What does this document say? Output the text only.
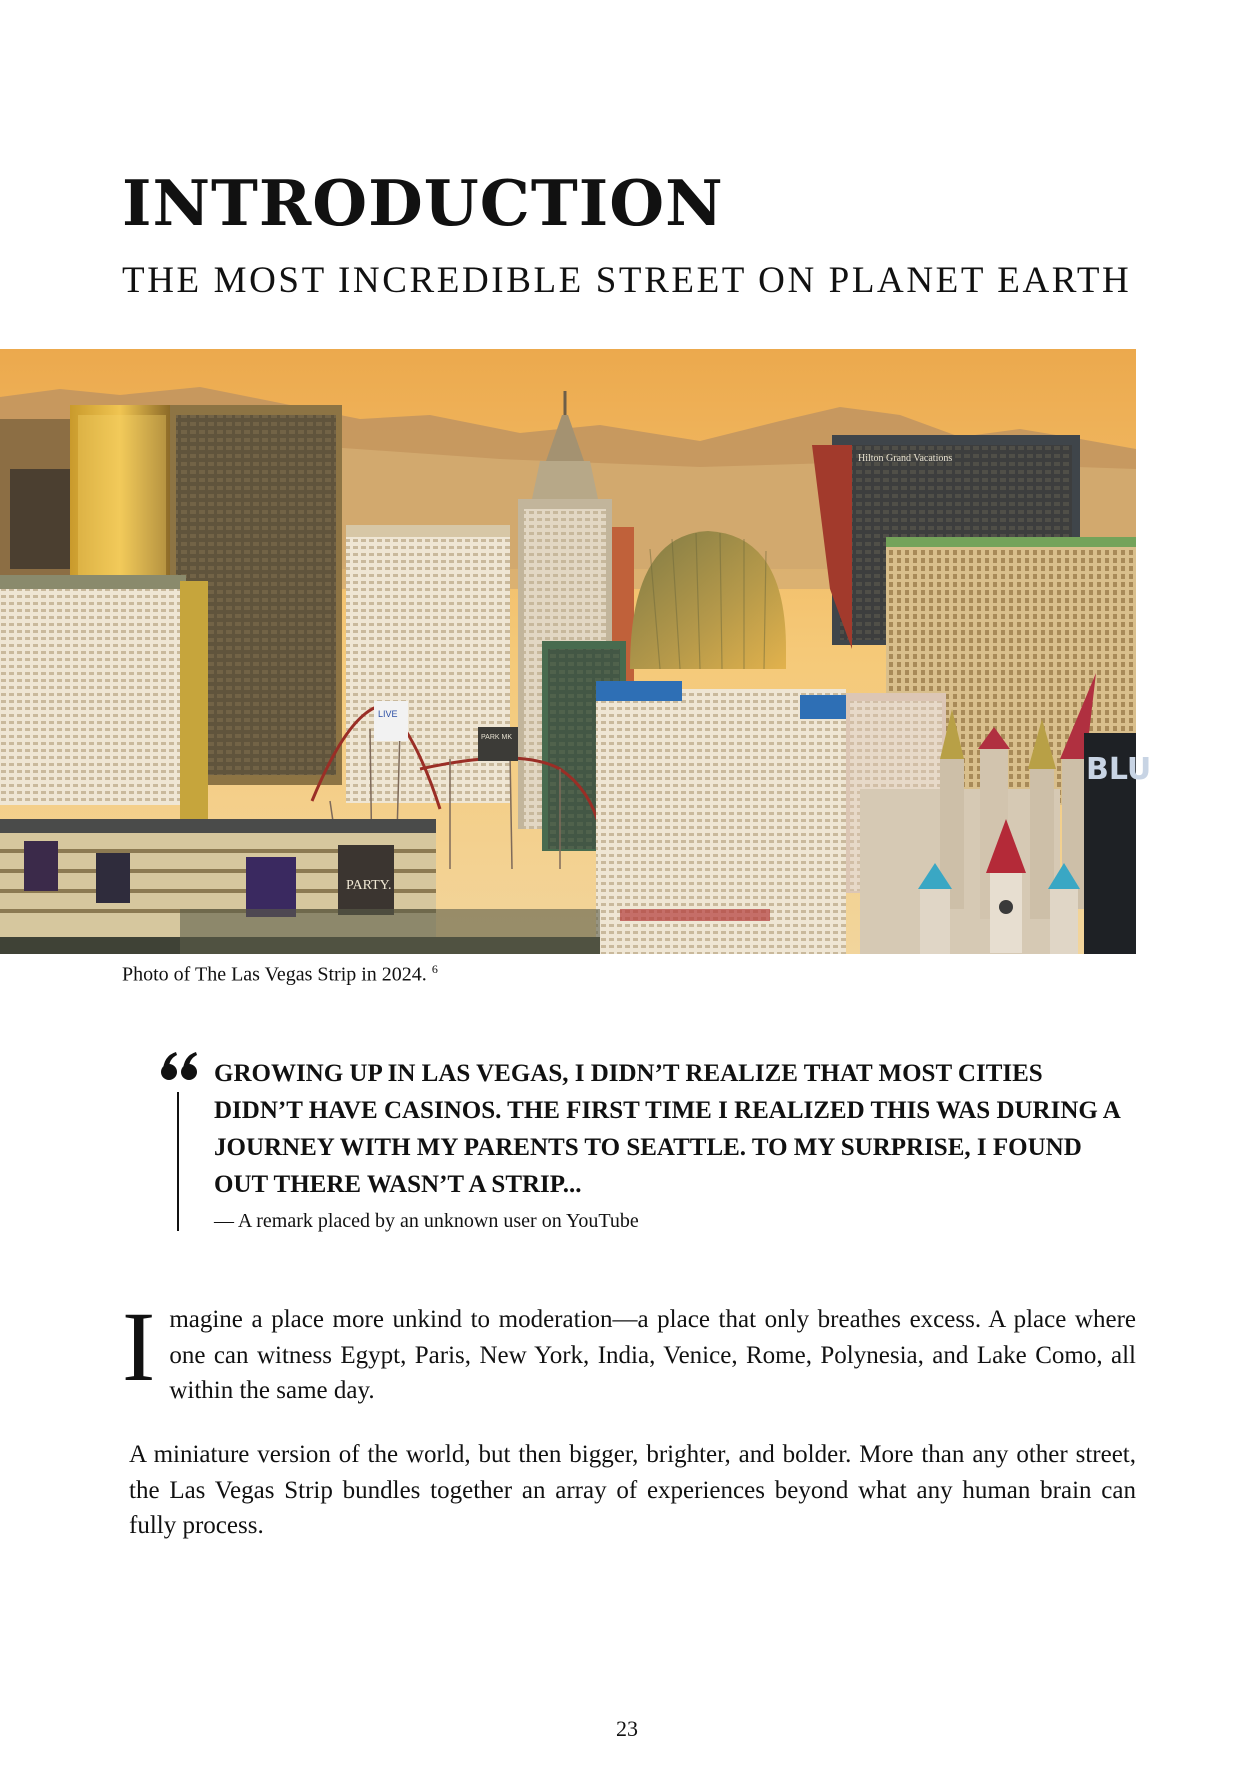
INTRODUCTION
THE MOST INCREDIBLE STREET ON PLANET EARTH
Hilton Grand Vacations
LIVE
PARK MK
BLU
PARTY.
Photo of The Las Vegas Strip in 2024. $^6$

GROWING UP IN LAS VEGAS, I DIDN’T REALIZE THAT MOST CITIES DIDN’T HAVE CASINOS. THE FIRST TIME I REALIZED THIS WAS DURING A JOURNEY WITH MY PARENTS TO SEATTLE. TO MY SURPRISE, I FOUND OUT THERE WASN’T A STRIP...

— A remark placed by an unknown user on YouTube

Imagine a place more unkind to moderation—a place that only breathes excess. A place where one can witness Egypt, Paris, New York, India, Venice, Rome, Polynesia, and Lake Como, all within the same day.

A miniature version of the world, but then bigger, brighter, and bolder. More than any other street, the Las Vegas Strip bundles together an array of experiences beyond what any human brain can fully process.

23
